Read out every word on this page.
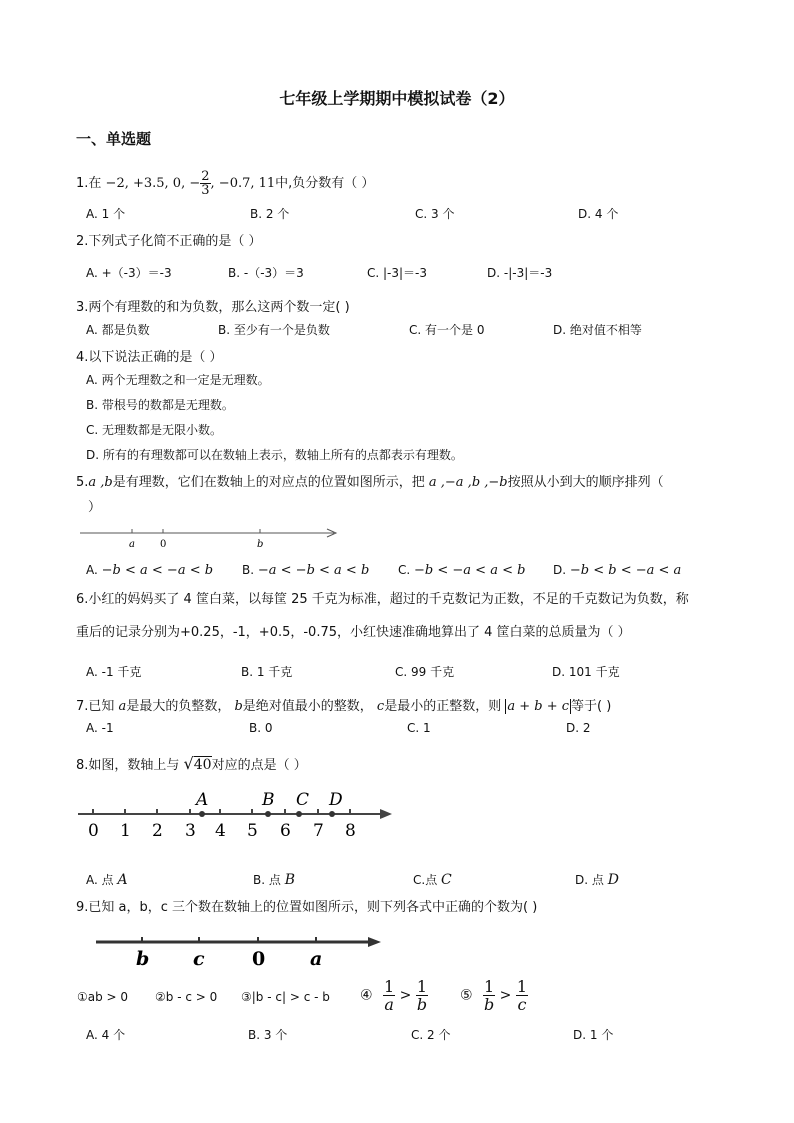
七年级上学期期中模拟试卷（2）
一、单选题
1.在 −2, +3.5, 0, − $\frac{2}{3}$ , −0.7, 11中,负分数有（ ）
A. 1 个	B. 2 个	C. 3 个	D. 4 个
2.下列式子化简不正确的是（ ）
A. +（-3）＝-3	B. -（-3）＝3	C. |-3|＝-3	D. -|-3|＝-3
3.两个有理数的和为负数，那么这两个数一定( )
A. 都是负数	B. 至少有一个是负数	C. 有一个是 0	D. 绝对值不相等
4.以下说法正确的是（ ）
A. 两个无理数之和一定是无理数。
B. 带根号的数都是无理数。
C. 无理数都是无限小数。
D. 所有的有理数都可以在数轴上表示，数轴上所有的点都表示有理数。
5.a ,b是有理数，它们在数轴上的对应点的位置如图所示，把 a ,−a ,b ,−b按照从小到大的顺序排列（
）
a	0	b
A. −b < a < −a < b B. −a < −b < a < b C. −b < −a < a < b D. −b < b < −a < a
6.小红的妈妈买了 4 筐白菜，以每筐 25 千克为标准，超过的千克数记为正数，不足的千克数记为负数，称
重后的记录分别为+0.25，-1，+0.5，-0.75，小红快速准确地算出了 4 筐白菜的总质量为（ ）
A. -1 千克	B. 1 千克	C. 99 千克	D. 101 千克
7.已知 a是最大的负整数， b是绝对值最小的整数， c是最小的正整数，则 a + b + c 等于( )
A. -1	B. 0	C. 1	D. 2
8.如图，数轴上与 √40对应的点是（ ）
0 1 2 3 4 5 6 7 8
A	B C D
A. 点 A	B. 点 B	C.点 C	D. 点 D
9.已知 a，b，c 三个数在数轴上的位置如图所示，则下列各式中正确的个数为( )
b c 0 a
①ab > 0 ②b - c > 0 ③|b - c| > c - b ④ $\frac{1}{a} > \frac{1}{b}$ ⑤ $\frac{1}{b} > \frac{1}{c}$
A. 4 个	B. 3 个	C. 2 个	D. 1 个
